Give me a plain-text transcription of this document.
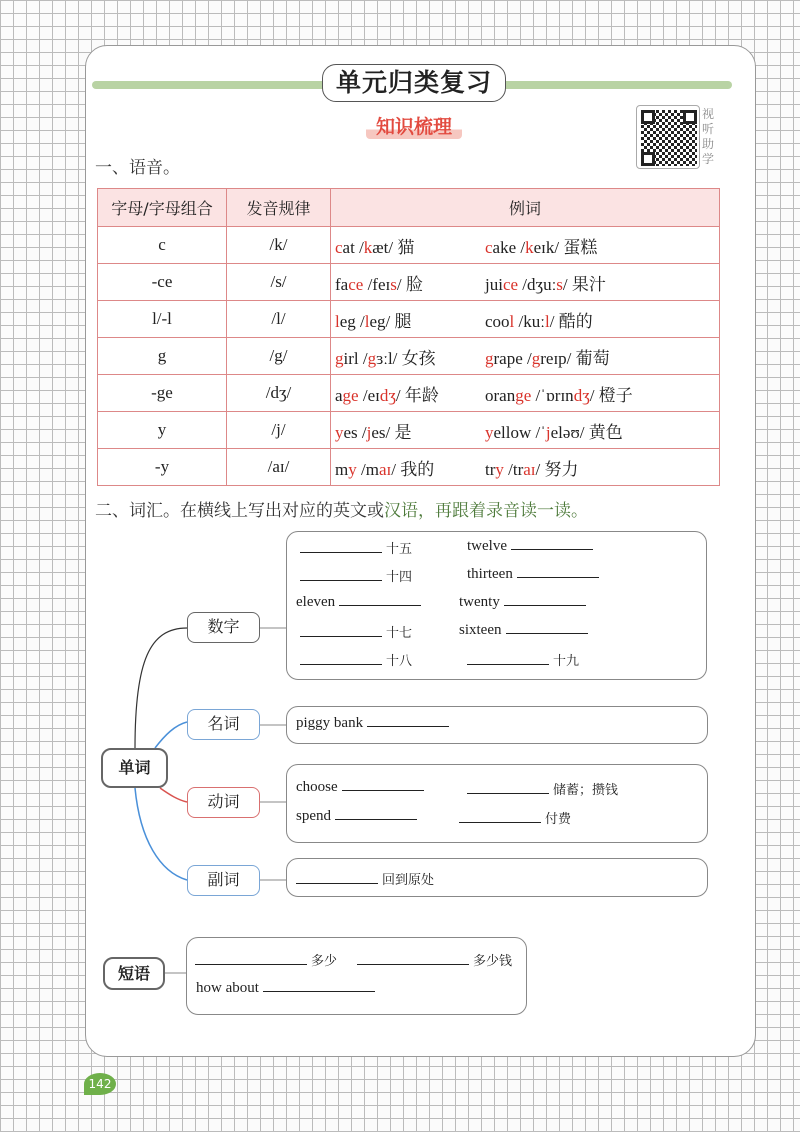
单元归类复习
知识梳理
视听助学
一、语音。
字母/字母组合	发音规律	例词
c	/k/	cat /kæt/ 猫 cake /keɪk/ 蛋糕
-ce	/s/	face /feɪs/ 脸 juice /dʒuːs/ 果汁
l/-l	/l/	leg /leg/ 腿 cool /kuːl/ 酷的
g	/g/	girl /gɜːl/ 女孩 grape /greɪp/ 葡萄
-ge	/dʒ/	age /eɪdʒ/ 年龄 orange /ˈɒrɪndʒ/ 橙子
y	/j/	yes /jes/ 是 yellow /ˈjeləʊ/ 黄色
-y	/aɪ/	my /maɪ/ 我的 try /traɪ/ 努力
二、词汇。在横线上写出对应的英文或汉语，再跟着录音读一读。
单词
数字
名词
动词
副词
短语
十五	twelve
十四	thirteen
eleven	twenty
十七	sixteen
十八	十九
piggy bank
choose	储蓄；攒钱
spend	付费
回到原处
多少	多少钱
how about
142
